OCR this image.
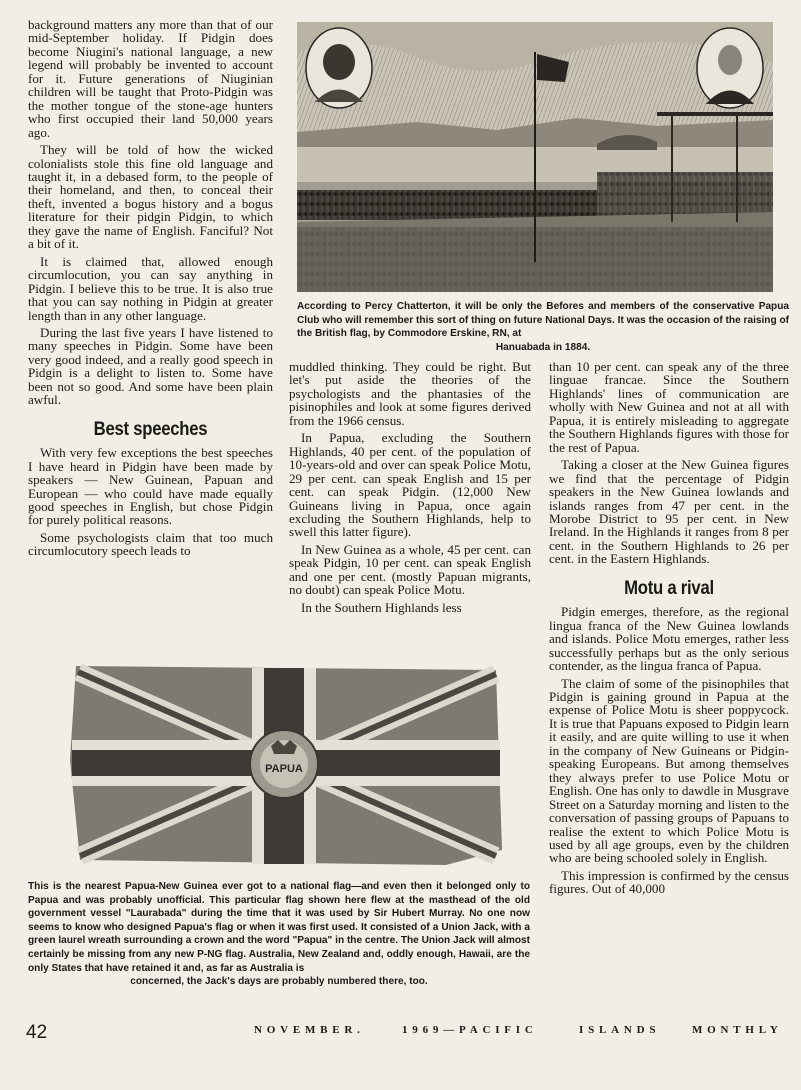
background matters any more than that of our mid-September holiday. If Pidgin does become Niugini's national language, a new legend will probably be invented to account for it. Future generations of Niuginian children will be taught that Proto-Pidgin was the mother tongue of the stone-age hunters who first occupied their land 50,000 years ago.

They will be told of how the wicked colonialists stole this fine old language and taught it, in a debased form, to the people of their homeland, and then, to conceal their theft, invented a bogus history and a bogus literature for their pidgin Pidgin, to which they gave the name of English. Fanciful? Not a bit of it.

It is claimed that, allowed enough circumlocution, you can say anything in Pidgin. I believe this to be true. It is also true that you can say nothing in Pidgin at greater length than in any other language.

During the last five years I have listened to many speeches in Pidgin. Some have been very good indeed, and a really good speech in Pidgin is a delight to listen to. Some have been not so good. And some have been plain awful.

Best speeches

With very few exceptions the best speeches I have heard in Pidgin have been made by speakers — New Guinean, Papuan and European — who could have made equally good speeches in English, but chose Pidgin for purely political reasons.

Some psychologists claim that too much circumlocutory speech leads to

According to Percy Chatterton, it will be only the Befores and members of the conservative Papua Club who will remember this sort of thing on future National Days. It was the occasion of the raising of the British flag, by Commodore Erskine, RN, at
Hanuabada in 1884.

muddled thinking. They could be right. But let's put aside the theories of the psychologists and the phantasies of the pisinophiles and look at some figures derived from the 1966 census.

In Papua, excluding the Southern Highlands, 40 per cent. of the population of 10-years-old and over can speak Police Motu, 29 per cent. can speak English and 15 per cent. can speak Pidgin. (12,000 New Guineans living in Papua, once again excluding the Southern Highlands, help to swell this latter figure).

In New Guinea as a whole, 45 per cent. can speak Pidgin, 10 per cent. can speak English and one per cent. (mostly Papuan migrants, no doubt) can speak Police Motu.

In the Southern Highlands less

than 10 per cent. can speak any of the three linguae francae. Since the Southern Highlands' lines of communication are wholly with New Guinea and not at all with Papua, it is entirely misleading to aggregate the Southern Highlands figures with those for the rest of Papua.

Taking a closer at the New Guinea figures we find that the percentage of Pidgin speakers in the New Guinea lowlands and islands ranges from 47 per cent. in the Morobe District to 95 per cent. in New Ireland. In the Highlands it ranges from 8 per cent. in the Southern Highlands to 26 per cent. in the Eastern Highlands.

Motu a rival

Pidgin emerges, therefore, as the regional lingua franca of the New Guinea lowlands and islands. Police Motu emerges, rather less successfully perhaps but as the only serious contender, as the lingua franca of Papua.

The claim of some of the pisinophiles that Pidgin is gaining ground in Papua at the expense of Police Motu is sheer poppycock. It is true that Papuans exposed to Pidgin learn it easily, and are quite willing to use it when in the company of New Guineans or Pidgin-speaking Europeans. But among themselves they always prefer to use Police Motu or English. One has only to dawdle in Musgrave Street on a Saturday morning and listen to the conversation of passing groups of Papuans to realise the extent to which Police Motu is used by all age groups, even by the children who are being schooled solely in English.

This impression is confirmed by the census figures. Out of 40,000

PAPUA
This is the nearest Papua-New Guinea ever got to a national flag—and even then it belonged only to Papua and was probably unofficial. This particular flag shown here flew at the masthead of the old government vessel "Laurabada" during the time that it was used by Sir Hubert Murray. No one now seems to know who designed Papua's flag or when it was first used. It consisted of a Union Jack, with a green laurel wreath surrounding a crown and the word "Papua" in the centre. The Union Jack will almost certainly be missing from any new P-NG flag. Australia, New Zealand and, oddly enough, Hawaii, are the only States that have retained it and, as far as Australia is
concerned, the Jack's days are probably numbered there, too.
42	NOVEMBER.	1969—PACIFIC	ISLANDS	MONTHLY
